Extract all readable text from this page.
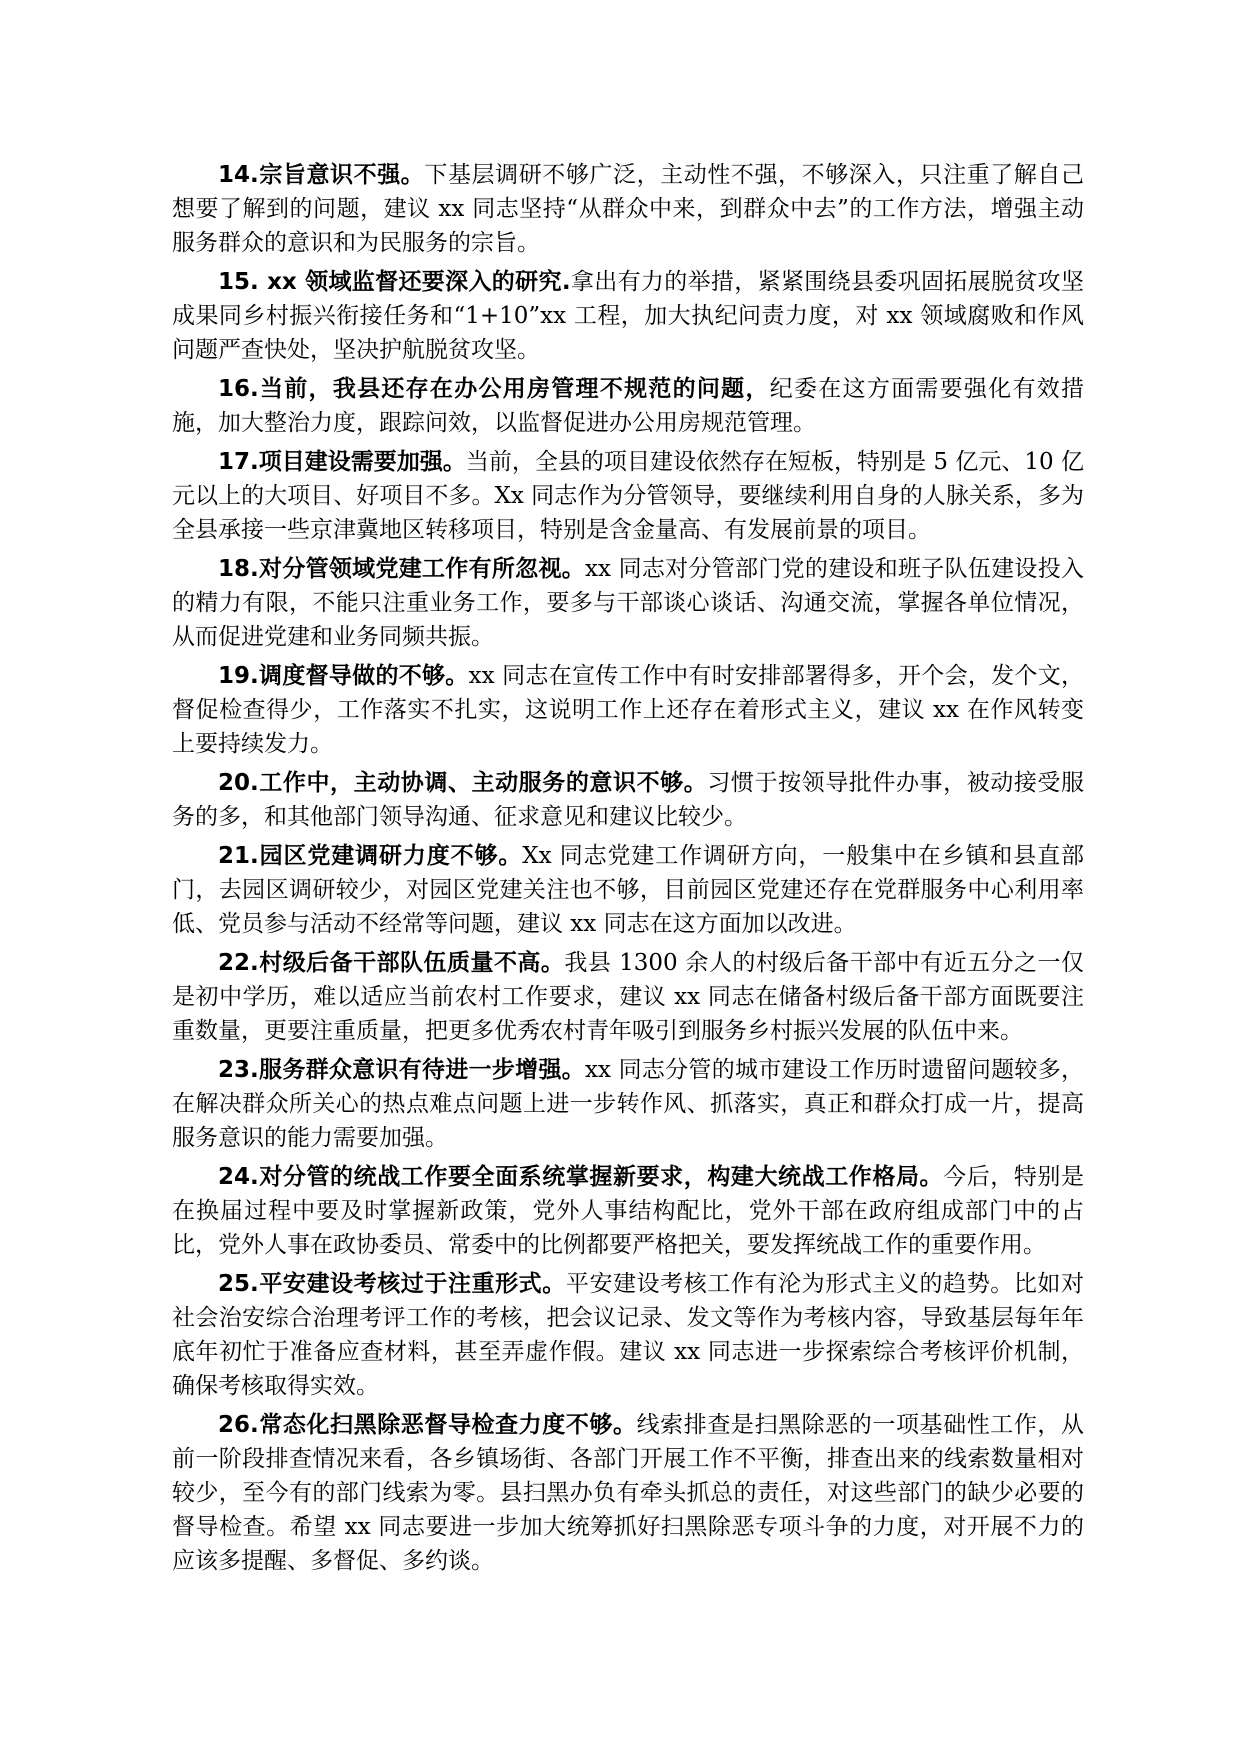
14.宗旨意识不强。下基层调研不够广泛，主动性不强，不够深入，只注重了解自己想要了解到的问题，建议 xx 同志坚持“从群众中来，到群众中去”的工作方法，增强主动服务群众的意识和为民服务的宗旨。

15. xx 领域监督还要深入的研究.拿出有力的举措，紧紧围绕县委巩固拓展脱贫攻坚成果同乡村振兴衔接任务和“1+10”xx 工程，加大执纪问责力度，对 xx 领域腐败和作风问题严查快处，坚决护航脱贫攻坚。

16.当前，我县还存在办公用房管理不规范的问题，纪委在这方面需要强化有效措施，加大整治力度，跟踪问效，以监督促进办公用房规范管理。

17.项目建设需要加强。当前，全县的项目建设依然存在短板，特别是 5 亿元、10 亿元以上的大项目、好项目不多。Xx 同志作为分管领导，要继续利用自身的人脉关系，多为全县承接一些京津冀地区转移项目，特别是含金量高、有发展前景的项目。

18.对分管领域党建工作有所忽视。xx 同志对分管部门党的建设和班子队伍建设投入的精力有限，不能只注重业务工作，要多与干部谈心谈话、沟通交流，掌握各单位情况，从而促进党建和业务同频共振。

19.调度督导做的不够。xx 同志在宣传工作中有时安排部署得多，开个会，发个文，督促检查得少，工作落实不扎实，这说明工作上还存在着形式主义，建议 xx 在作风转变上要持续发力。

20.工作中，主动协调、主动服务的意识不够。习惯于按领导批件办事，被动接受服务的多，和其他部门领导沟通、征求意见和建议比较少。

21.园区党建调研力度不够。Xx 同志党建工作调研方向，一般集中在乡镇和县直部门，去园区调研较少，对园区党建关注也不够，目前园区党建还存在党群服务中心利用率低、党员参与活动不经常等问题，建议 xx 同志在这方面加以改进。

22.村级后备干部队伍质量不高。我县 1300 余人的村级后备干部中有近五分之一仅是初中学历，难以适应当前农村工作要求，建议 xx 同志在储备村级后备干部方面既要注重数量，更要注重质量，把更多优秀农村青年吸引到服务乡村振兴发展的队伍中来。

23.服务群众意识有待进一步增强。xx 同志分管的城市建设工作历时遗留问题较多，在解决群众所关心的热点难点问题上进一步转作风、抓落实，真正和群众打成一片，提高服务意识的能力需要加强。

24.对分管的统战工作要全面系统掌握新要求，构建大统战工作格局。今后，特别是在换届过程中要及时掌握新政策，党外人事结构配比，党外干部在政府组成部门中的占比，党外人事在政协委员、常委中的比例都要严格把关，要发挥统战工作的重要作用。

25.平安建设考核过于注重形式。平安建设考核工作有沦为形式主义的趋势。比如对社会治安综合治理考评工作的考核，把会议记录、发文等作为考核内容，导致基层每年年底年初忙于准备应查材料，甚至弄虚作假。建议 xx 同志进一步探索综合考核评价机制，确保考核取得实效。

26.常态化扫黑除恶督导检查力度不够。线索排查是扫黑除恶的一项基础性工作，从前一阶段排查情况来看，各乡镇场街、各部门开展工作不平衡，排查出来的线索数量相对较少，至今有的部门线索为零。县扫黑办负有牵头抓总的责任，对这些部门的缺少必要的督导检查。希望 xx 同志要进一步加大统筹抓好扫黑除恶专项斗争的力度，对开展不力的应该多提醒、多督促、多约谈。
